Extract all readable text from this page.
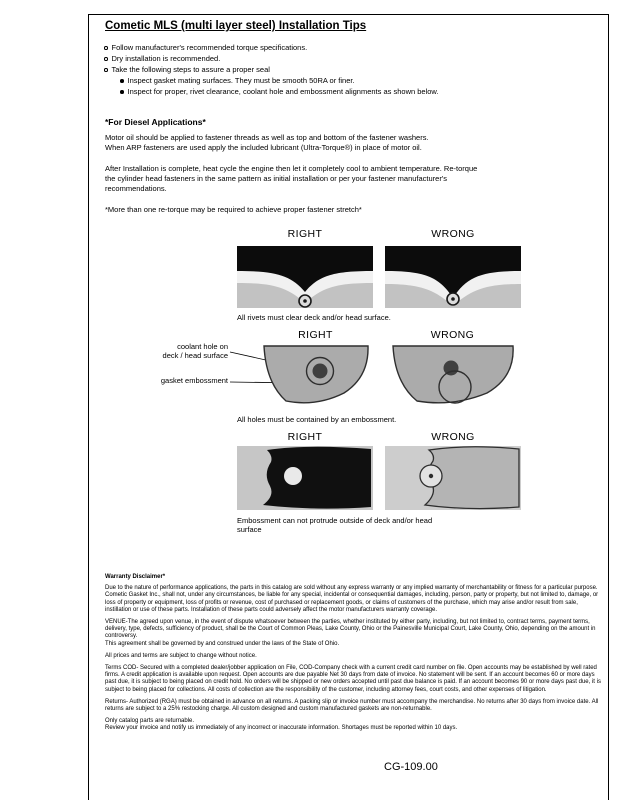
Cometic MLS (multi layer steel) Installation Tips
Follow manufacturer's recommended torque specifications.
Dry installation is recommended.
Take the following steps to assure a proper seal
Inspect gasket mating surfaces. They must be smooth 50RA or finer.
Inspect for proper, rivet clearance, coolant hole and embossment alignments as shown below.
*For Diesel Applications*
Motor oil should be applied to fastener threads as well as top and bottom of the fastener washers.
When ARP fasteners are used apply the included lubricant (Ultra-Torque®) in place of motor oil.
After Installation is complete, heat cycle the engine then let it completely cool to ambient temperature. Re-torque the cylinder head fasteners in the same pattern as initial installation or per your fastener manufacturer's recommendations.
*More than one re-torque may be required to achieve proper fastener stretch*
RIGHT	WRONG
All rivets must clear deck and/or head surface.
RIGHT	WRONG
coolant hole on
deck / head surface
gasket embossment
All holes must be contained by an embossment.
RIGHT	WRONG
Embossment can not protrude outside of deck and/or head surface
Warranty Disclaimer*
Due to the nature of performance applications, the parts in this catalog are sold without any express warranty or any implied warranty of merchantability or fitness for a particular purpose. Cometic Gasket Inc., shall not, under any circumstances, be liable for any special, incidental or consequential damages, including, person, party or property, but not limited to, damage, or loss of property or equipment, loss of profits or revenue, cost of purchased or replacement goods, or claims of customers of the purchase, which may arise and/or result from sale, instillation or use of these parts. Installation of these parts could adversely affect the motor manufacturers warranty coverage.
VENUE-The agreed upon venue, in the event of dispute whatsoever between the parties, whether instituted by either party, including, but not limited to, contract terms, payment terms, delivery, type, defects, sufficiency of product, shall be the Court of Common Pleas, Lake County, Ohio or the Painesville Municipal Court, Lake County, Ohio, depending on the amount in controversy.
This agreement shall be governed by and construed under the laws of the State of Ohio.
All prices and terms are subject to change without notice.
Terms COD- Secured with a completed dealer/jobber application on File, COD-Company check with a current credit card number on file. Open accounts may be established by well rated firms. A credit application is available upon request. Open accounts are due payable Net 30 days from date of invoice. No statement will be sent. If an account becomes 60 or more days past due, it is subject to being placed on credit hold. No orders will be shipped or new orders accepted until past due balance is paid. If an account becomes 90 or more days past due, it is subject to being placed for collections. All costs of collection are the responsibility of the customer, including attorney fees, court costs, and other expenses of litigation.
Returns- Authorized (RGA) must be obtained in advance on all returns. A packing slip or invoice number must accompany the merchandise. No returns after 30 days from invoice date. All returns are subject to a 25% restocking charge. All custom designed and custom manufactured gaskets are non-returnable.
Only catalog parts are returnable.
Review your invoice and notify us immediately of any incorrect or inaccurate information. Shortages must be reported within 10 days.
CG-109.00
